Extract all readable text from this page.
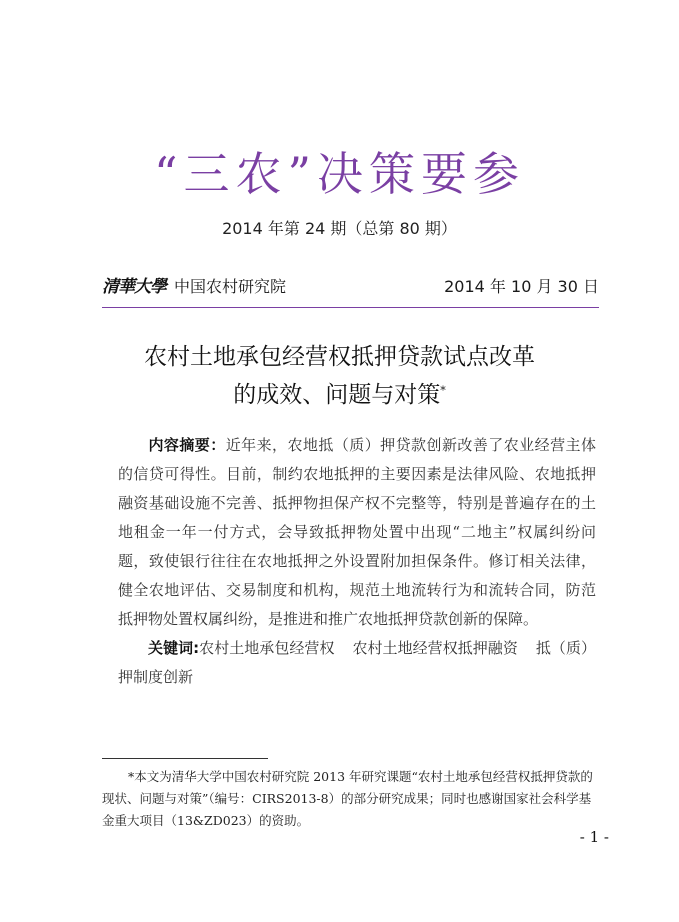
“三农”决策要参
2014 年第 24 期（总第 80 期）
清華大學 中国农村研究院	2014 年 10 月 30 日
农村土地承包经营权抵押贷款试点改革
的成效、问题与对策*
内容摘要：近年来，农地抵（质）押贷款创新改善了农业经营主体的信贷可得性。目前，制约农地抵押的主要因素是法律风险、农地抵押融资基础设施不完善、抵押物担保产权不完整等，特别是普遍存在的土地租金一年一付方式，会导致抵押物处置中出现“二地主”权属纠纷问题，致使银行往往在农地抵押之外设置附加担保条件。修订相关法律，健全农地评估、交易制度和机构，规范土地流转行为和流转合同，防范抵押物处置权属纠纷，是推进和推广农地抵押贷款创新的保障。
关键词:农村土地承包经营权 农村土地经营权抵押融资 抵（质）押制度创新
*本文为清华大学中国农村研究院 2013 年研究课题“农村土地承包经营权抵押贷款的现状、问题与对策”（编号：CIRS2013-8）的部分研究成果；同时也感谢国家社会科学基金重大项目（13&ZD023）的资助。
- 1 -
